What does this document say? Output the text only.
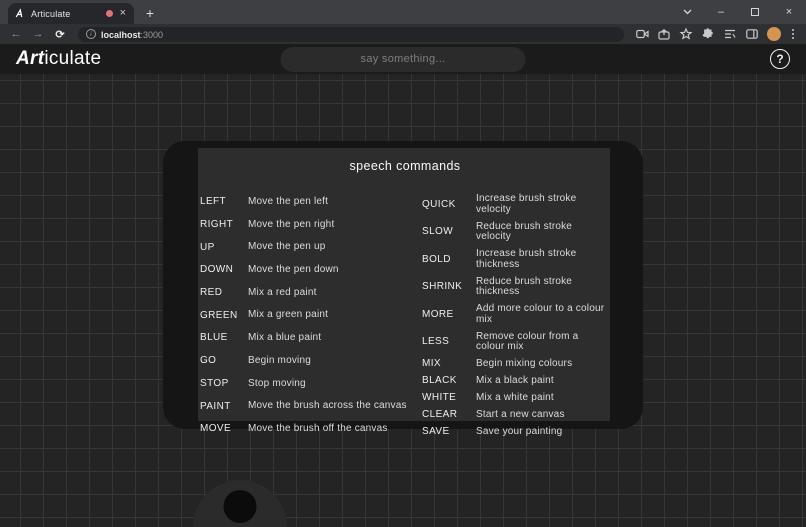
Articulate	×	+	–	×
← →	⟳	i	localhost:3000
Articulate	say something...	?
speech commands
LEFT	Move the pen left
RIGHT	Move the pen right
UP	Move the pen up
DOWN	Move the pen down
RED	Mix a red paint
GREEN	Mix a green paint
BLUE	Mix a blue paint
GO	Begin moving
STOP	Stop moving
PAINT	Move the brush across the canvas
MOVE	Move the brush off the canvas
QUICK	Increase brush stroke velocity
SLOW	Reduce brush stroke velocity
BOLD	Increase brush stroke thickness
SHRINK	Reduce brush stroke thickness
MORE	Add more colour to a colour mix
LESS	Remove colour from a colour mix
MIX	Begin mixing colours
BLACK	Mix a black paint
WHITE	Mix a white paint
CLEAR	Start a new canvas
SAVE	Save your painting
